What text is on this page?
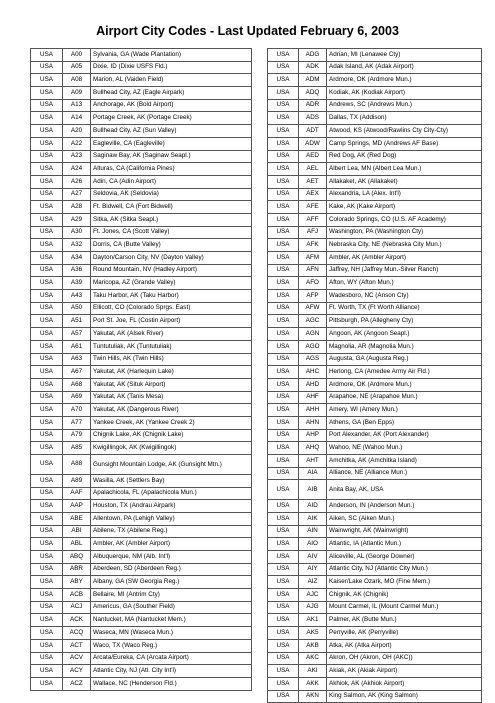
Airport City Codes - Last Updated February 6, 2003
USA	A00	Sylvania, GA (Wade Plantation)
USA	A05	Dixie, ID (Dixie USFS Fld.)
USA	A08	Marion, AL (Vaiden Field)
USA	A09	Bullhead City, AZ (Eagle Airpark)
USA	A13	Anchorage, AK (Bold Airport)
USA	A14	Portage Creek, AK (Portage Creek)
USA	A20	Bullhead City, AZ (Sun Valley)
USA	A22	Eagleville, CA (Eagleville)
USA	A23	Saginaw Bay, AK (Saginaw Seapl.)
USA	A24	Alturas, CA (California Pines)
USA	A26	Adin, CA (Adin Airport)
USA	A27	Seldovia, AK (Seldovia)
USA	A28	Ft. Bidwell, CA (Fort Bidwell)
USA	A29	Sitka, AK (Sitka Seapl.)
USA	A30	Ft. Jones, CA (Scott Valley)
USA	A32	Dorris, CA (Butte Valley)
USA	A34	Dayton/Carson City, NV (Dayton Valley)
USA	A36	Round Mountain, NV (Hadley Airport)
USA	A39	Maricopa, AZ (Grande Valley)
USA	A43	Taku Harbor, AK (Taku Harbor)
USA	A50	Ellicott, CO (Colorado Sprgs. East)
USA	A51	Port St. Joe, FL (Costin Airport)
USA	A57	Yakutat, AK (Alsek River)
USA	A61	Tuntutuliak, AK (Tuntutuliak)
USA	A63	Twin Hills, AK (Twin Hills)
USA	A67	Yakutat, AK (Harlequin Lake)
USA	A68	Yakutat, AK (Situk Airport)
USA	A69	Yakutat, AK (Tanis Mesa)
USA	A70	Yakutat, AK (Dangerous River)
USA	A77	Yankee Creek, AK (Yankee Creek 2)
USA	A79	Chignik Lake, AK (Chignik Lake)
USA	A85	Kwigillingok, AK (Kwigillingok)
USA	A88	Gunsight Mountain Lodge, AK (Gunsight Mtn.)
USA	A89	Wasilla, AK (Settlers Bay)
USA	AAF	Apalachicola, FL (Apalachicola Mun.)
USA	AAP	Houston, TX (Andrau Airpark)
USA	ABE	Allentown, PA (Lehigh Valley)
USA	ABI	Abilene, TX (Abilene Reg.)
USA	ABL	Ambler, AK (Ambler Airport)
USA	ABQ	Albuquerque, NM (Alb. Int'l)
USA	ABR	Aberdeen, SD (Aberdeen Reg.)
USA	ABY	Albany, GA (SW Georgia Reg.)
USA	ACB	Bellaire, MI (Antrim Cty)
USA	ACJ	Americus, GA (Souther Field)
USA	ACK	Nantucket, MA (Nantucket Mem.)
USA	ACQ	Waseca, MN (Waseca Mun.)
USA	ACT	Waco, TX (Waco Reg.)
USA	ACV	Arcata/Eureka, CA (Arcata Airport)
USA	ACY	Atlantic City, NJ (Atl. City Int'l)
USA	ACZ	Wallace, NC (Henderson Fld.)
USA	ADG	Adrian, MI (Lenawee Cty)
USA	ADK	Adak Island, AK (Adak Airport)
USA	ADM	Ardmore, OK (Ardmore Mun.)
USA	ADQ	Kodiak, AK (Kodiak Airport)
USA	ADR	Andrews, SC (Andrews Mun.)
USA	ADS	Dallas, TX (Addison)
USA	ADT	Atwood, KS (Atwood/Rawlins Cty City-Cty)
USA	ADW	Camp Springs, MD (Andrews AF Base)
USA	AED	Red Dog, AK (Red Dog)
USA	AEL	Albert Lea, MN (Albert Lea Mun.)
USA	AET	Allakaket, AK (Allakaket)
USA	AEX	Alexandria, LA (Alex. Int'l)
USA	AFE	Kake, AK (Kake Airport)
USA	AFF	Colorado Springs, CO (U.S. AF Academy)
USA	AFJ	Washington, PA (Washington Cty)
USA	AFK	Nebraska City, NE (Nebraska City Mun.)
USA	AFM	Ambler, AK (Ambler Airport)
USA	AFN	Jaffrey, NH (Jaffrey Mun.-Silver Ranch)
USA	AFO	Afton, WY (Afton Mun.)
USA	AFP	Wadesboro, NC (Anson Cty)
USA	AFW	Ft. Worth, TX (Ft Worth Alliance)
USA	AGC	Pittsburgh, PA (Allegheny Cty)
USA	AGN	Angoon, AK (Angoon Seapl.)
USA	AGO	Magnolia, AR (Magnolia Mun.)
USA	AGS	Augusta, GA (Augusta Reg.)
USA	AHC	Herlong, CA (Amedee Army Air Fld.)
USA	AHD	Ardmore, OK (Ardmore Mun.)
USA	AHF	Arapahoe, NE (Arapahoe Mun.)
USA	AHH	Amery, WI (Amery Mun.)
USA	AHN	Athens, GA (Ben Epps)
USA	AHP	Port Alexander, AK (Port Alexander)
USA	AHQ	Wahoo, NE (Wahoo Mun.)
USA	AHT	Amchitka, AK (Amchitka Island)
USA	AIA	Alliance, NE (Alliance Mun.)
USA	AIB	Anita Bay, AK, USA
USA	AID	Anderson, IN (Anderson Mun.)
USA	AIK	Aiken, SC (Aiken Mun.)
USA	AIN	Wainwright, AK (Wainwright)
USA	AIO	Atlantic, IA (Atlantic Mun.)
USA	AIV	Aliceville, AL (George Downer)
USA	AIY	Atlantic City, NJ (Atlantic City Mun.)
USA	AIZ	Kaiser/Lake Ozark, MO (Fine Mem.)
USA	AJC	Chignik, AK (Chignik)
USA	AJG	Mount Carmel, IL (Mount Carmel Mun.)
USA	AK1	Palmer, AK (Butte Mun.)
USA	AK5	Perryville, AK (Perryville)
USA	AKB	Atka, AK (Atka Airport)
USA	AKC	Akron, OH (Akron, OH (AKC))
USA	AKI	Akiak, AK (Akiak Airport)
USA	AKK	Akhiok, AK (Akhiok Airport)
USA	AKN	King Salmon, AK (King Salmon)
